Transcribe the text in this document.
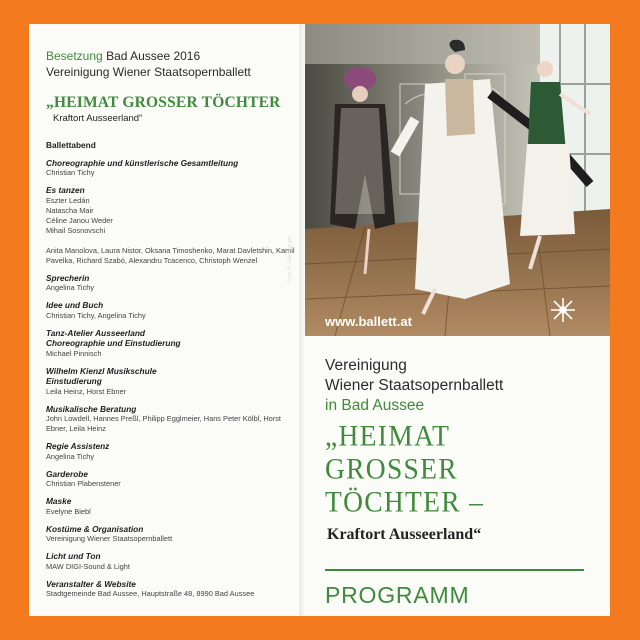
Besetzung Bad Aussee 2016
Vereinigung Wiener Staatsopernballett
„HEIMAT GROSSER TÖCHTER
Kraftort Ausseerland“
Ballettabend
Choreographie und künstlerische Gesamtleitung
Christian Tichy
Es tanzen
Eszter Ledán
Natascha Mair
Céline Janou Weder
Mihail Sosnovschi

Anita Manolova, Laura Nistor, Oksana Timoshenko, Marat Davletshin, Kamil Pavelka, Richard Szabó, Alexandru Tcacenco, Christoph Wenzel
Sprecherin
Angelina Tichy
Idee und Buch
Christian Tichy, Angelina Tichy
Tanz-Atelier Ausseerland
Choreographie und Einstudierung
Michael Pinnisch
Wilhelm Kienzl Musikschule
Einstudierung
Leila Heinz, Horst Ebner
Musikalische Beratung
John Lowdell, Hannes Preßl, Philipp Egglmeier, Hans Peter Kölbl, Horst Ebner, Leila Heinz
Regie Assistenz
Angelina Tichy
Garderobe
Christian Plabenstener
Maske
Evelyne Biebl
Kostüme & Organisation
Vereinigung Wiener Staatsopernballett
Licht und Ton
MAW DIGI-Sound & Light
Veranstalter & Website
Stadtgemeinde Bad Aussee, Hauptstraße 48, 8990 Bad Aussee
Foto: H. Eisenberger
www.ballett.at
Vereinigung
Wiener Staatsopernballett
in Bad Aussee
„HEIMAT
GROSSER
TÖCHTER –
Kraftort Ausseerland“
PROGRAMM
